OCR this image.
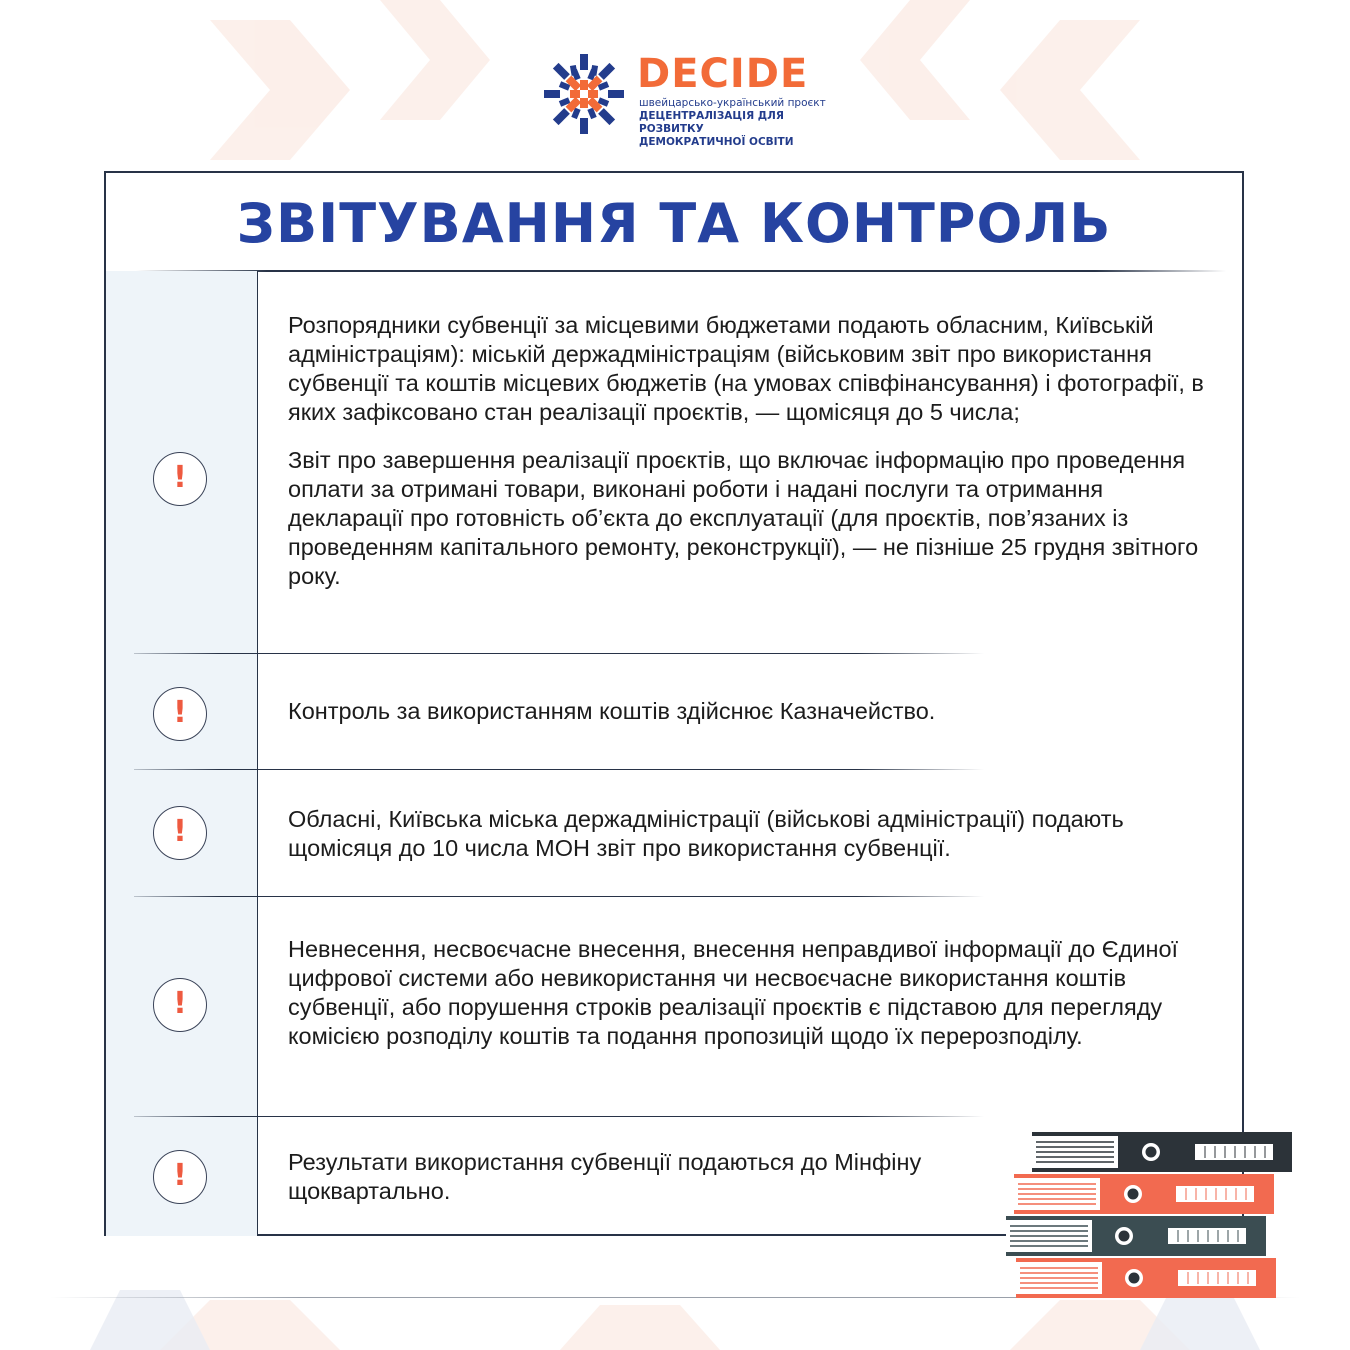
DECIDE
швейцарсько-український проєкт
ДЕЦЕНТРАЛІЗАЦІЯ ДЛЯ РОЗВИТКУ
ДЕМОКРАТИЧНОЇ ОСВІТИ
ЗВІТУВАННЯ ТА КОНТРОЛЬ
!

Розпорядники субвенції за місцевими бюджетами подають обласним, Київській адміністраціям): міській держадміністраціям (військовим звіт про використання субвенції та коштів місцевих бюджетів (на умовах співфінансування) і фотографії, в яких зафіксовано стан реалізації проєктів, — щомісяця до 5 числа;

Звіт про завершення реалізації проєктів, що включає інформацію про проведення оплати за отримані товари, виконані роботи і надані послуги та отримання декларації про готовність об’єкта до експлуатації (для проєктів, пов’язаних із проведенням капітального ремонту, реконструкції), — не пізніше 25 грудня звітного року.

!	Контроль за використанням коштів здійснює Казначейство.

!	Обласні, Київська міська держадміністрації (військові адміністрації) подають щомісяця до 10 числа МОН звіт про використання субвенції.

!

Невнесення, несвоєчасне внесення, внесення неправдивої інформації до Єдиної цифрової системи або невикористання чи несвоєчасне використання коштів субвенції, або порушення строків реалізації проєктів є підставою для перегляду комісією розподілу коштів та подання пропозицій щодо їх перерозподілу.

!	Результати використання субвенції подаються до Мінфіну щоквартально.
